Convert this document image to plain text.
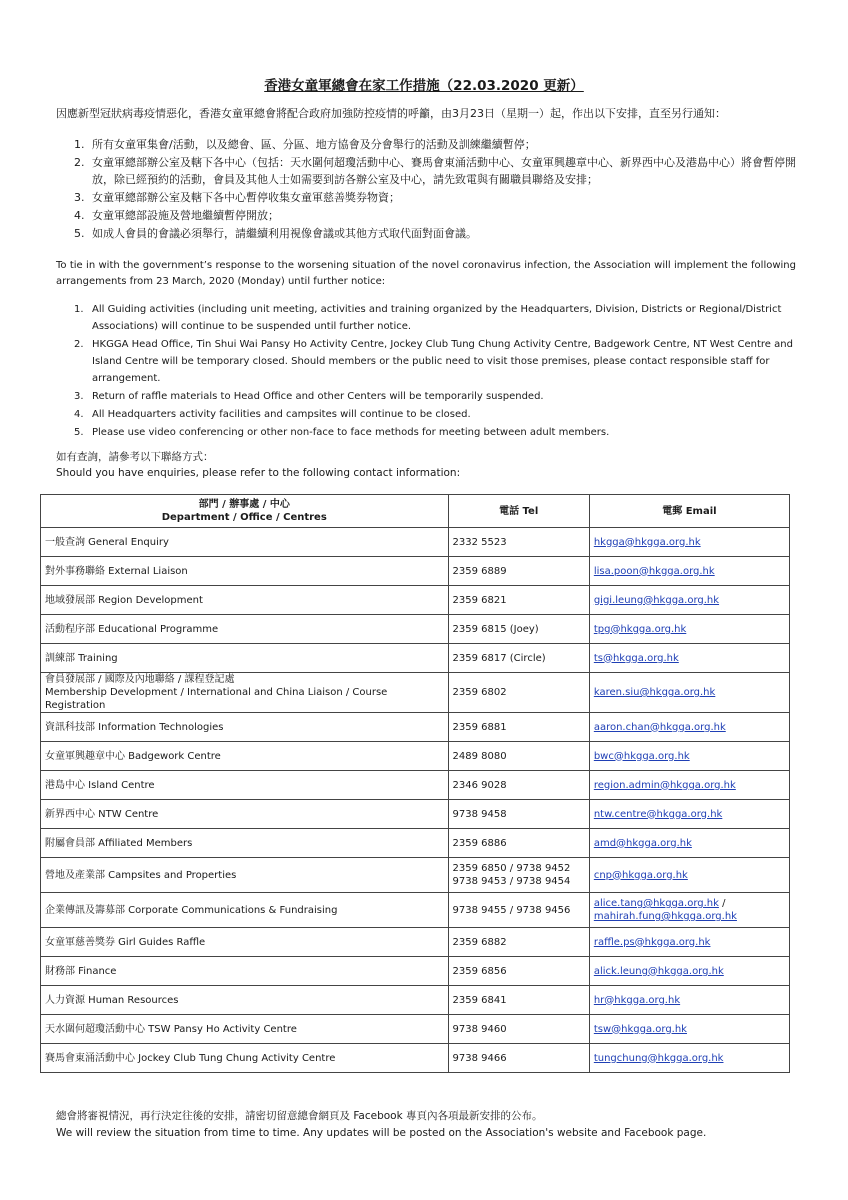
香港女童軍總會在家工作措施（22.03.2020 更新）
因應新型冠狀病毒疫情惡化，香港女童軍總會將配合政府加強防控疫情的呼籲，由3月23日（星期一）起，作出以下安排，直至另行通知：
1. 所有女童軍集會/活動，以及總會、區、分區、地方協會及分會舉行的活動及訓練繼續暫停；
2. 女童軍總部辦公室及轄下各中心（包括：天水圍何超瓊活動中心、賽馬會東涌活動中心、女童軍興趣章中心、新界西中心及港島中心）將會暫停開放，除已經預約的活動，會員及其他人士如需要到訪各辦公室及中心，請先致電與有關職員聯絡及安排；
3. 女童軍總部辦公室及轄下各中心暫停收集女童軍慈善獎券物資；
4. 女童軍總部設施及營地繼續暫停開放；
5. 如成人會員的會議必須舉行，請繼續利用視像會議或其他方式取代面對面會議。
To tie in with the government’s response to the worsening situation of the novel coronavirus infection, the Association will implement the following arrangements from 23 March, 2020 (Monday) until further notice:
1. All Guiding activities (including unit meeting, activities and training organized by the Headquarters, Division, Districts or Regional/District Associations) will continue to be suspended until further notice.
2. HKGGA Head Office, Tin Shui Wai Pansy Ho Activity Centre, Jockey Club Tung Chung Activity Centre, Badgework Centre, NT West Centre and Island Centre will be temporary closed. Should members or the public need to visit those premises, please contact responsible staff for arrangement.
3. Return of raffle materials to Head Office and other Centers will be temporarily suspended.
4. All Headquarters activity facilities and campsites will continue to be closed.
5. Please use video conferencing or other non-face to face methods for meeting between adult members.
如有查詢，請參考以下聯絡方式：
Should you have enquiries, please refer to the following contact information:
部門 / 辦事處 / 中心
Department / Office / Centres	電話 Tel	電郵 Email
一般查詢 General Enquiry	2332 5523	hkgga@hkgga.org.hk
對外事務聯絡 External Liaison	2359 6889	lisa.poon@hkgga.org.hk
地域發展部 Region Development	2359 6821	gigi.leung@hkgga.org.hk
活動程序部 Educational Programme	2359 6815 (Joey)	tpg@hkgga.org.hk
訓練部 Training	2359 6817 (Circle)	ts@hkgga.org.hk

會員發展部 / 國際及內地聯絡 / 課程登記處
Membership Development / International and China Liaison / Course Registration	2359 6802	karen.siu@hkgga.org.hk
資訊科技部 Information Technologies	2359 6881	aaron.chan@hkgga.org.hk
女童軍興趣章中心 Badgework Centre	2489 8080	bwc@hkgga.org.hk
港島中心 Island Centre	2346 9028	region.admin@hkgga.org.hk
新界西中心 NTW Centre	9738 9458	ntw.centre@hkgga.org.hk
附屬會員部 Affiliated Members	2359 6886	amd@hkgga.org.hk
營地及產業部 Campsites and Properties	2359 6850 / 9738 9452
9738 9453 / 9738 9454	cnp@hkgga.org.hk
企業傳訊及籌募部 Corporate Communications & Fundraising	9738 9455 / 9738 9456	alice.tang@hkgga.org.hk /
mahirah.fung@hkgga.org.hk

女童軍慈善獎券 Girl Guides Raffle	2359 6882	raffle.ps@hkgga.org.hk
財務部 Finance	2359 6856	alick.leung@hkgga.org.hk
人力資源 Human Resources	2359 6841	hr@hkgga.org.hk
天水圍何超瓊活動中心 TSW Pansy Ho Activity Centre	9738 9460	tsw@hkgga.org.hk
賽馬會東涌活動中心 Jockey Club Tung Chung Activity Centre	9738 9466	tungchung@hkgga.org.hk
總會將審視情況，再行決定往後的安排，請密切留意總會網頁及 Facebook 專頁內各項最新安排的公布。
We will review the situation from time to time. Any updates will be posted on the Association's website and Facebook page.
